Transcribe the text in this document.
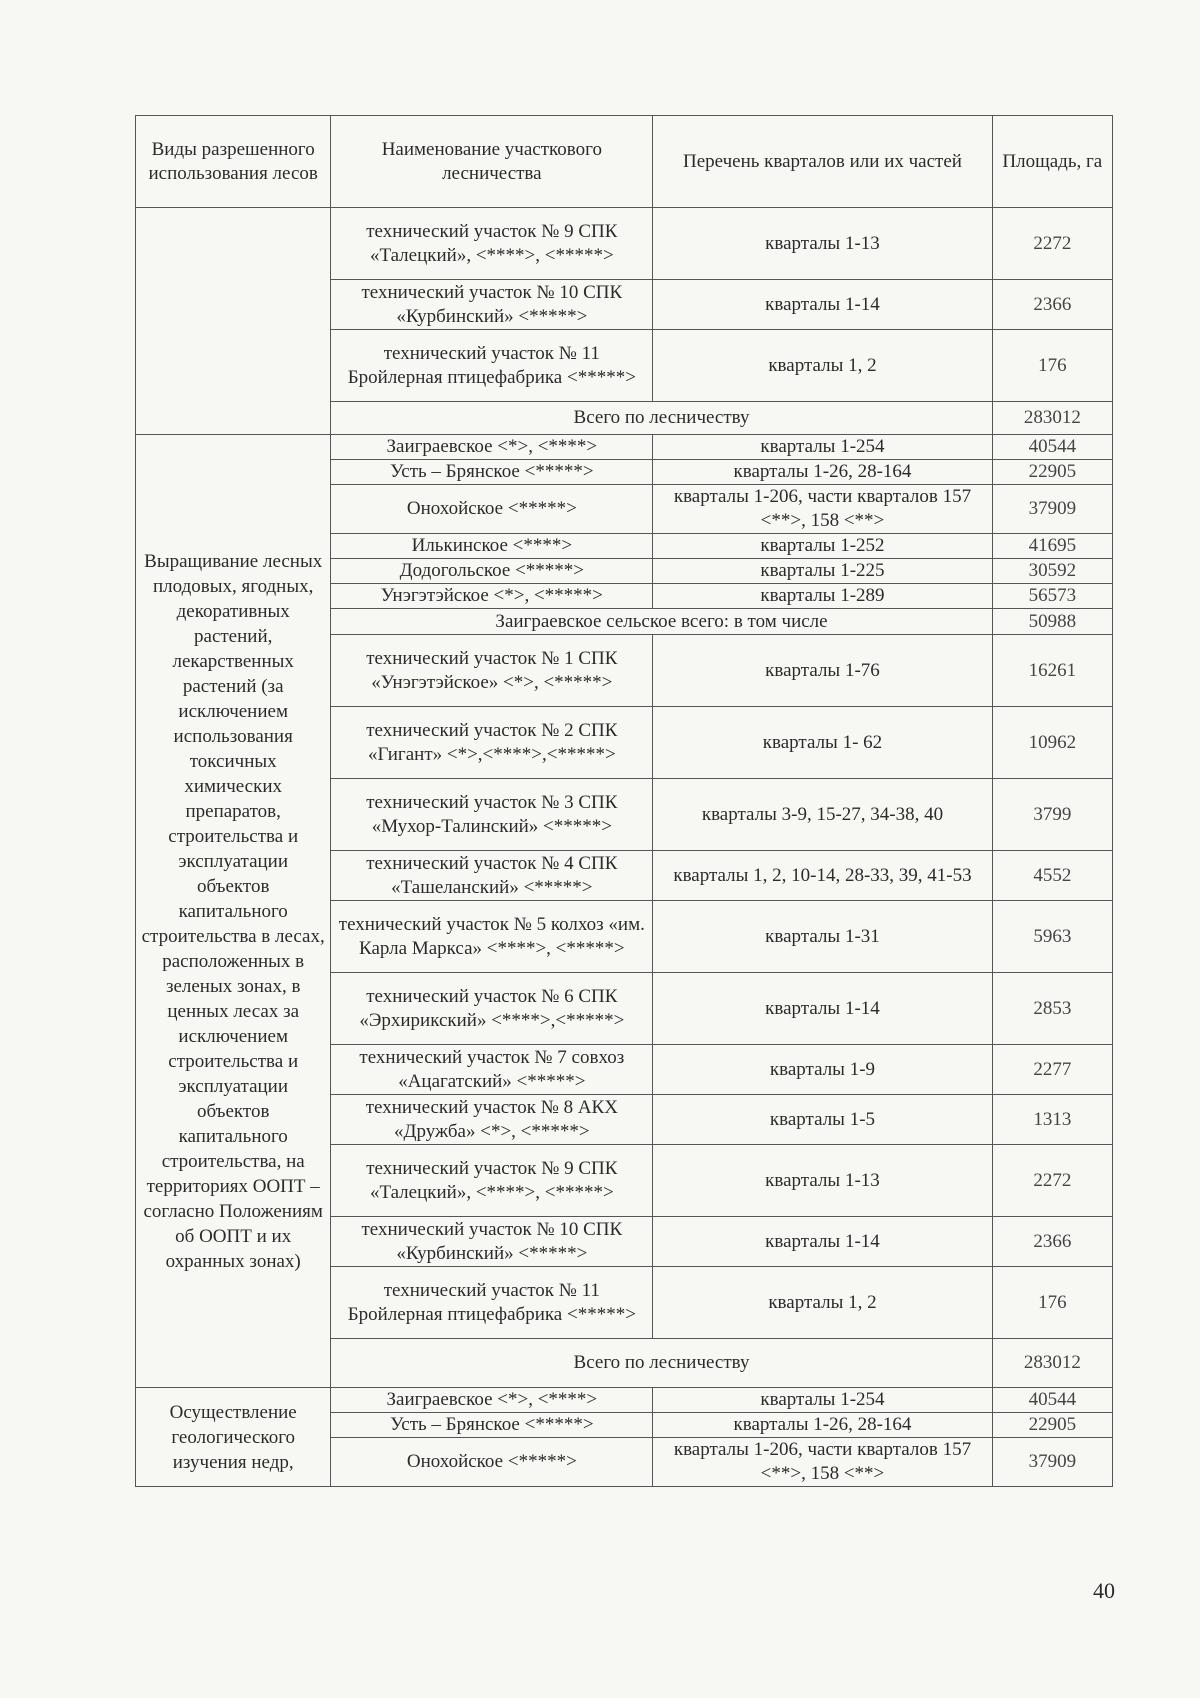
Виды разрешенного использования лесов	Наименование участкового лесничества	Перечень кварталов или их частей	Площадь, га
	технический участок № 9 СПК «Талецкий», <****>, <*****>	кварталы 1-13	2272
	технический участок № 10 СПК «Курбинский» <*****>	кварталы 1-14	2366
	технический участок № 11 Бройлерная птицефабрика <*****>	кварталы 1, 2	176
	Всего по лесничеству		283012
Выращивание лесных плодовых, ягодных, декоративных растений, лекарственных растений (за исключением использования токсичных химических препаратов, строительства и эксплуатации объектов капитального строительства в лесах, расположенных в зеленых зонах, в ценных лесах за исключением строительства и эксплуатации объектов капитального строительства, на территориях ООПТ – согласно Положениям об ООПТ и их охранных зонах)	Заиграевское <*>, <****>	кварталы 1-254	40544
	Усть – Брянское <*****>	кварталы 1-26, 28-164	22905
	Онохойское <*****>	кварталы 1-206, части кварталов 157 <**>, 158 <**>	37909
	Илькинское <****>	кварталы 1-252	41695
	Додогольское <*****>	кварталы 1-225	30592
	Унэгэтэйское <*>, <*****>	кварталы 1-289	56573
	Заиграевское сельское всего: в том числе		50988
	технический участок № 1 СПК «Унэгэтэйское» <*>, <*****>	кварталы 1-76	16261
	технический участок № 2 СПК «Гигант» <*>,<****>,<*****>	кварталы 1- 62	10962
	технический участок № 3 СПК «Мухор-Талинский» <*****>	кварталы 3-9, 15-27, 34-38, 40	3799
	технический участок № 4 СПК «Ташеланский» <*****>	кварталы 1, 2, 10-14, 28-33, 39, 41-53	4552
	технический участок № 5 колхоз «им. Карла Маркса» <****>, <*****>	кварталы 1-31	5963
	технический участок № 6 СПК «Эрхирикский» <****>,<*****>	кварталы 1-14	2853
	технический участок № 7 совхоз «Ацагатский» <*****>	кварталы 1-9	2277
	технический участок № 8 АКХ «Дружба» <*>, <*****>	кварталы 1-5	1313
	технический участок № 9 СПК «Талецкий», <****>, <*****>	кварталы 1-13	2272
	технический участок № 10 СПК «Курбинский» <*****>	кварталы 1-14	2366
	технический участок № 11 Бройлерная птицефабрика <*****>	кварталы 1, 2	176
	Всего по лесничеству		283012
Осуществление геологического изучения недр,	Заиграевское <*>, <****>	кварталы 1-254	40544
	Усть – Брянское <*****>	кварталы 1-26, 28-164	22905
	Онохойское <*****>	кварталы 1-206, части кварталов 157 <**>, 158 <**>	37909
40
